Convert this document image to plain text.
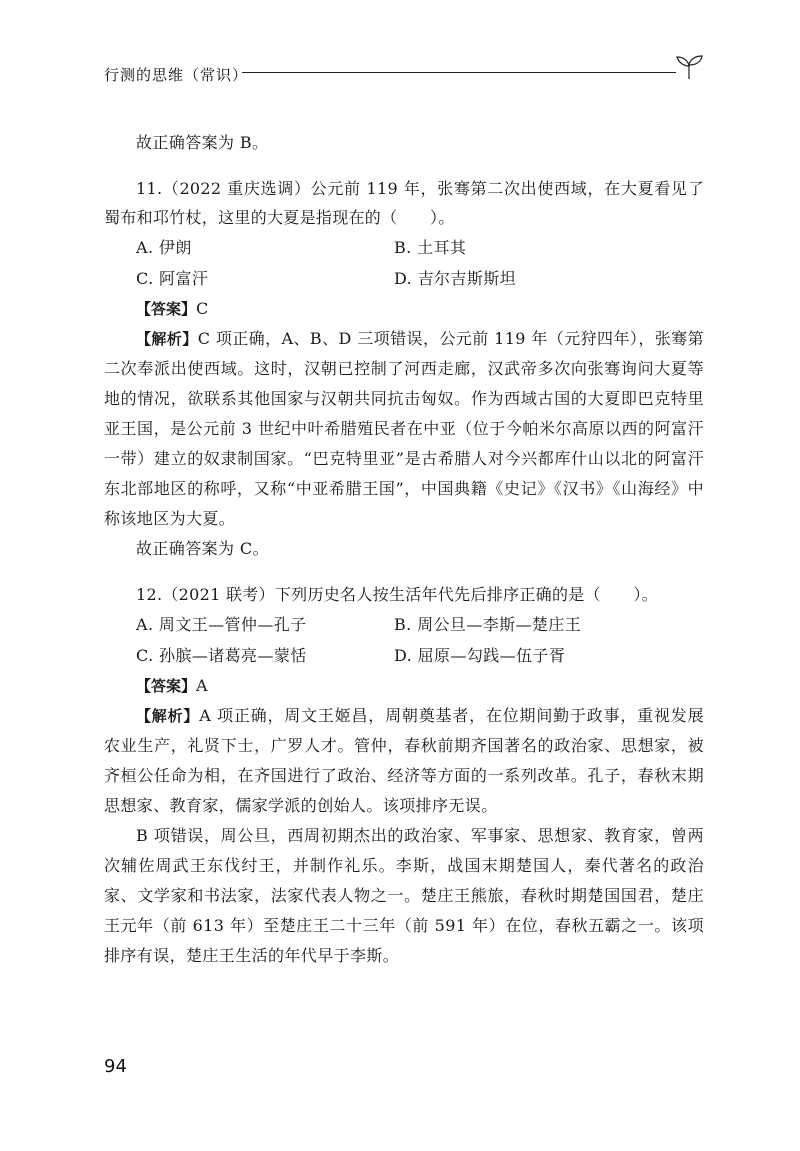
行测的思维（常识）

故正确答案为 B。

11.（2022 重庆选调）公元前 119 年，张骞第二次出使西域，在大夏看见了蜀布和邛竹杖，这里的大夏是指现在的（　　）。

A. 伊朗	B. 土耳其
C. 阿富汗	D. 吉尔吉斯斯坦

【答案】C

【解析】C 项正确，A、B、D 三项错误，公元前 119 年（元狩四年），张骞第二次奉派出使西域。这时，汉朝已控制了河西走廊，汉武帝多次向张骞询问大夏等地的情况，欲联系其他国家与汉朝共同抗击匈奴。作为西域古国的大夏即巴克特里亚王国，是公元前 3 世纪中叶希腊殖民者在中亚（位于今帕米尔高原以西的阿富汗一带）建立的奴隶制国家。“巴克特里亚”是古希腊人对今兴都库什山以北的阿富汗东北部地区的称呼，又称“中亚希腊王国”，中国典籍《史记》《汉书》《山海经》中称该地区为大夏。

故正确答案为 C。

12.（2021 联考）下列历史名人按生活年代先后排序正确的是（　　）。

A. 周文王—管仲—孔子	B. 周公旦—李斯—楚庄王
C. 孙膑—诸葛亮—蒙恬	D. 屈原—勾践—伍子胥

【答案】A

【解析】A 项正确，周文王姬昌，周朝奠基者，在位期间勤于政事，重视发展农业生产，礼贤下士，广罗人才。管仲，春秋前期齐国著名的政治家、思想家，被齐桓公任命为相，在齐国进行了政治、经济等方面的一系列改革。孔子，春秋末期思想家、教育家，儒家学派的创始人。该项排序无误。

B 项错误，周公旦，西周初期杰出的政治家、军事家、思想家、教育家，曾两次辅佐周武王东伐纣王，并制作礼乐。李斯，战国末期楚国人，秦代著名的政治家、文学家和书法家，法家代表人物之一。楚庄王熊旅，春秋时期楚国国君，楚庄王元年（前 613 年）至楚庄王二十三年（前 591 年）在位，春秋五霸之一。该项排序有误，楚庄王生活的年代早于李斯。

94
